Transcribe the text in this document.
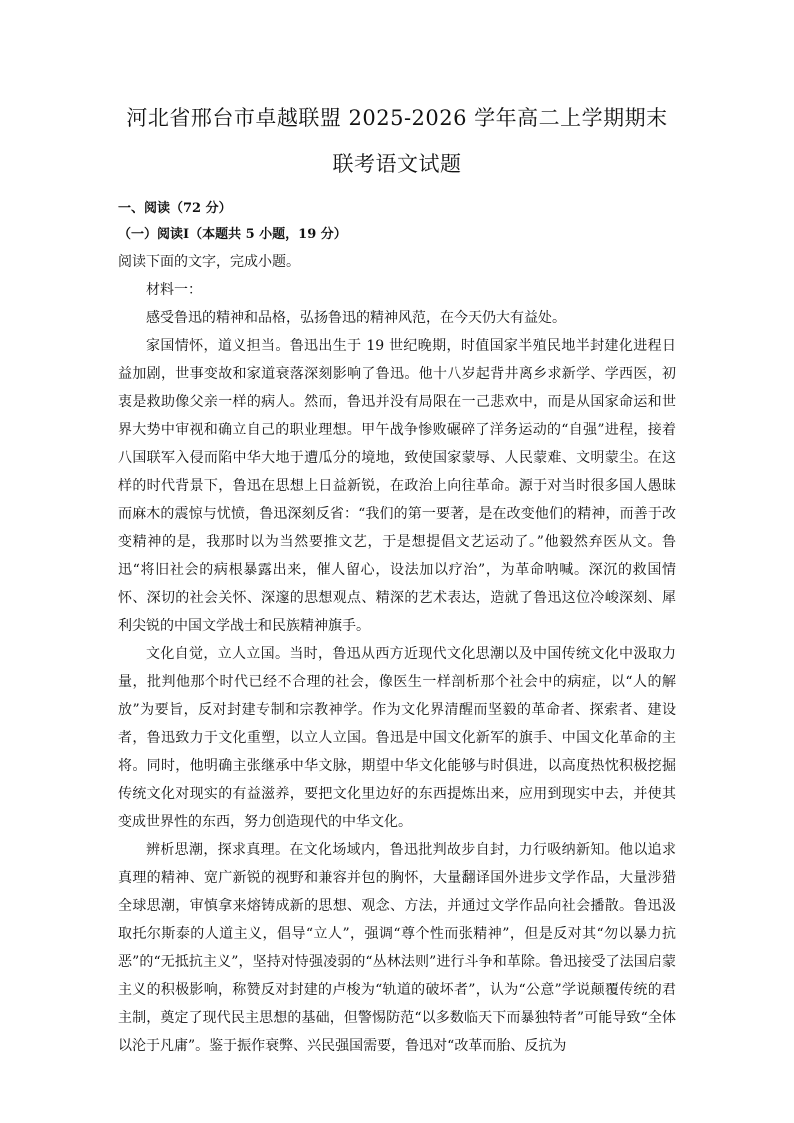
河北省邢台市卓越联盟 2025-2026 学年高二上学期期末
联考语文试题

一、阅读（72 分）

（一）阅读Ⅰ（本题共 5 小题，19 分）

阅读下面的文字，完成小题。

材料一：

感受鲁迅的精神和品格，弘扬鲁迅的精神风范，在今天仍大有益处。

家国情怀，道义担当。鲁迅出生于 19 世纪晚期，时值国家半殖民地半封建化进程日益加剧，世事变故和家道衰落深刻影响了鲁迅。他十八岁起背井离乡求新学、学西医，初衷是救助像父亲一样的病人。然而，鲁迅并没有局限在一己悲欢中，而是从国家命运和世界大势中审视和确立自己的职业理想。甲午战争惨败碾碎了洋务运动的“自强”进程，接着八国联军入侵而陷中华大地于遭瓜分的境地，致使国家蒙辱、人民蒙难、文明蒙尘。在这样的时代背景下，鲁迅在思想上日益新锐，在政治上向往革命。源于对当时很多国人愚昧而麻木的震惊与忧愤，鲁迅深刻反省：“我们的第一要著，是在改变他们的精神，而善于改变精神的是，我那时以为当然要推文艺，于是想提倡文艺运动了。”他毅然弃医从文。鲁迅“将旧社会的病根暴露出来，催人留心，设法加以疗治”，为革命呐喊。深沉的救国情怀、深切的社会关怀、深邃的思想观点、精深的艺术表达，造就了鲁迅这位冷峻深刻、犀利尖锐的中国文学战士和民族精神旗手。

文化自觉，立人立国。当时，鲁迅从西方近现代文化思潮以及中国传统文化中汲取力量，批判他那个时代已经不合理的社会，像医生一样剖析那个社会中的病症，以“人的解放”为要旨，反对封建专制和宗教神学。作为文化界清醒而坚毅的革命者、探索者、建设者，鲁迅致力于文化重塑，以立人立国。鲁迅是中国文化新军的旗手、中国文化革命的主将。同时，他明确主张继承中华文脉，期望中华文化能够与时俱进，以高度热忱积极挖掘传统文化对现实的有益滋养，要把文化里边好的东西提炼出来，应用到现实中去，并使其变成世界性的东西，努力创造现代的中华文化。

辨析思潮，探求真理。在文化场域内，鲁迅批判故步自封，力行吸纳新知。他以追求真理的精神、宽广新锐的视野和兼容并包的胸怀，大量翻译国外进步文学作品，大量涉猎全球思潮，审慎拿来熔铸成新的思想、观念、方法，并通过文学作品向社会播散。鲁迅汲取托尔斯泰的人道主义，倡导“立人”，强调“尊个性而张精神”，但是反对其“勿以暴力抗恶”的“无抵抗主义”，坚持对恃强凌弱的“丛林法则”进行斗争和革除。鲁迅接受了法国启蒙主义的积极影响，称赞反对封建的卢梭为“轨道的破坏者”，认为“公意”学说颠覆传统的君主制，奠定了现代民主思想的基础，但警惕防范“以多数临天下而暴独特者”可能导致“全体以沦于凡庸”。鉴于振作衰弊、兴民强国需要，鲁迅对“改革而胎、反抗为
